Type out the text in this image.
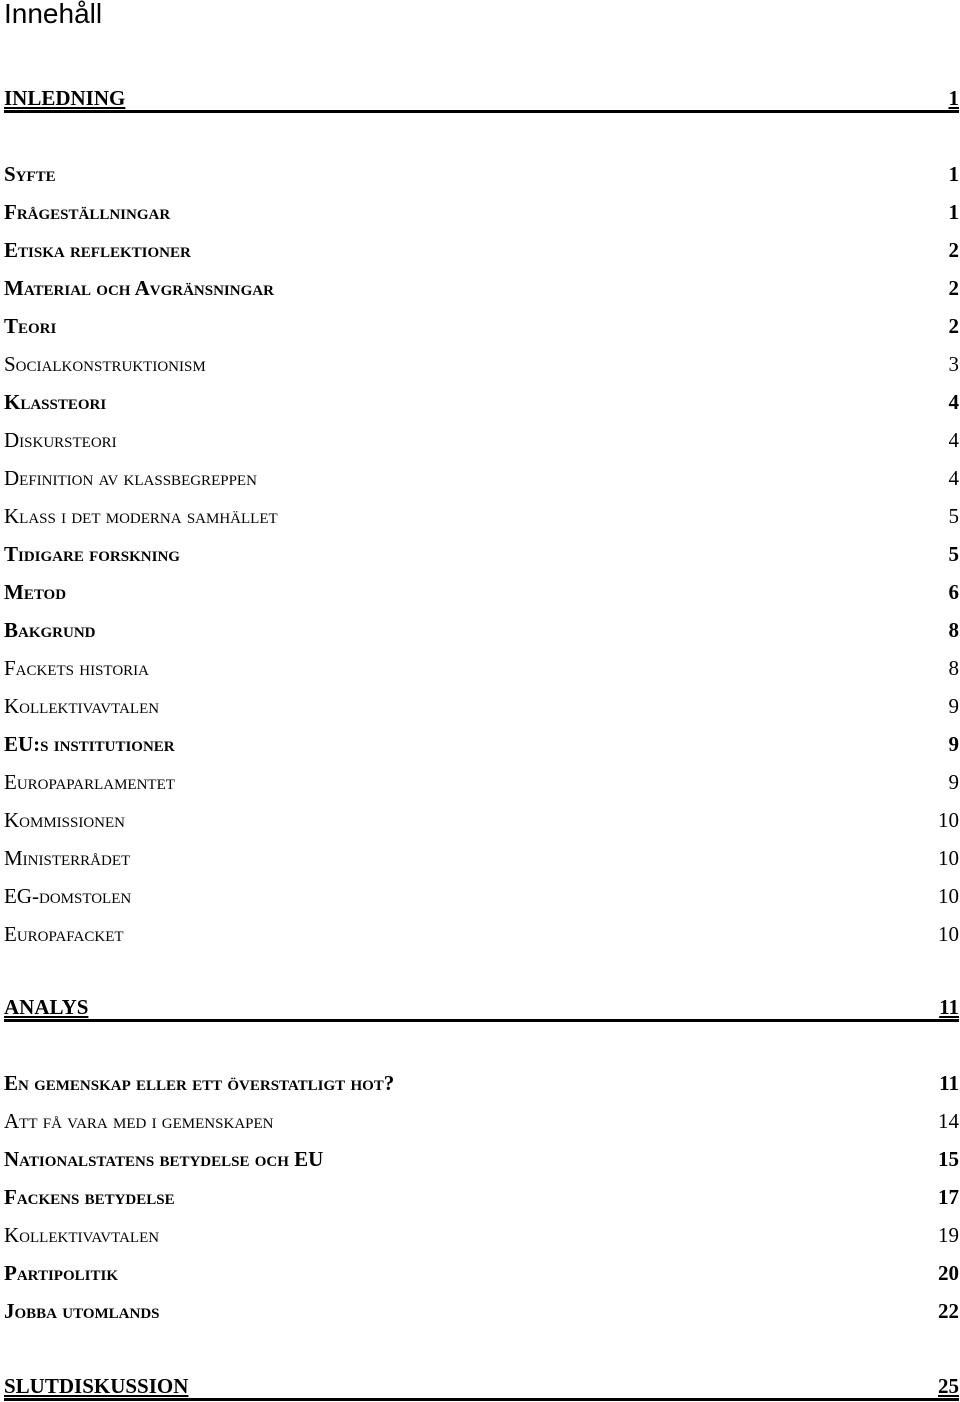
Innehåll
INLEDNING	1
Syfte	1
Frågeställningar	1
Etiska reflektioner	2
Material och Avgränsningar	2
Teori	2
Socialkonstruktionism	3
Klassteori	4
Diskursteori	4
Definition av klassbegreppen	4
Klass i det moderna samhället	5
Tidigare forskning	5
Metod	6
Bakgrund	8
Fackets historia	8
Kollektivavtalen	9
EU:s institutioner	9
Europaparlamentet	9
Kommissionen	10
Ministerrådet	10
EG-domstolen	10
Europafacket	10
ANALYS	11
En gemenskap eller ett överstatligt hot?	11
Att få vara med i gemenskapen	14
Nationalstatens betydelse och EU	15
Fackens betydelse	17
Kollektivavtalen	19
Partipolitik	20
Jobba utomlands	22
SLUTDISKUSSION	25
